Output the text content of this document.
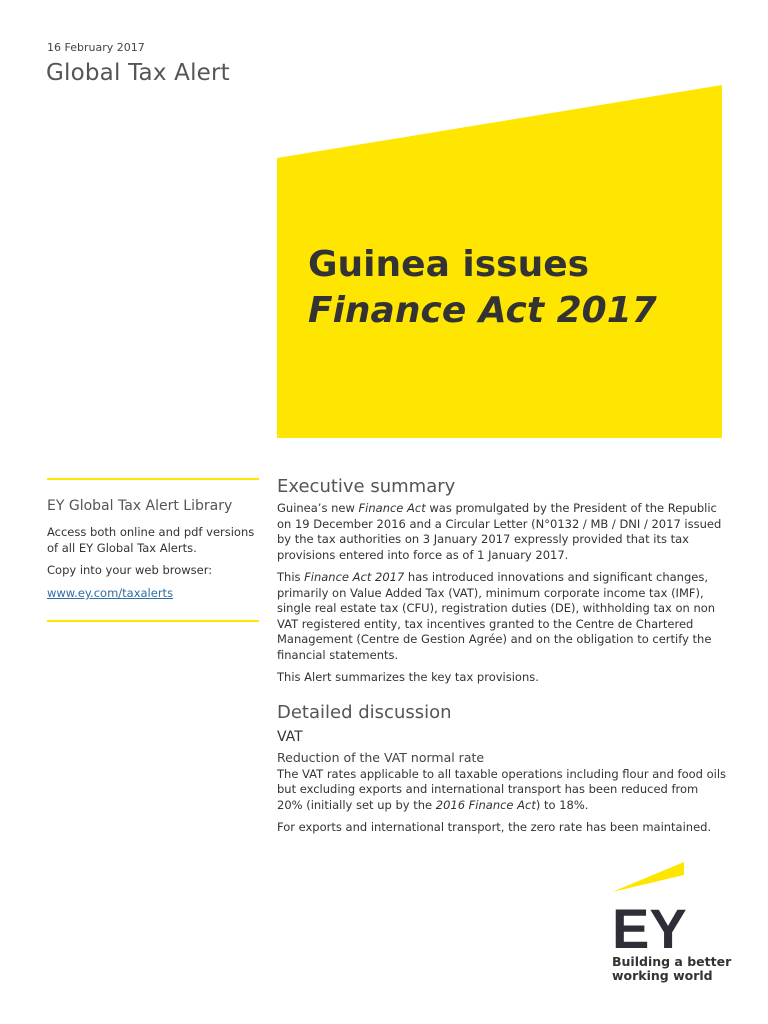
16 February 2017
Global Tax Alert
Guinea issues
Finance Act 2017
EY Global Tax Alert Library
Access both online and pdf versions of all EY Global Tax Alerts.
Copy into your web browser:
www.ey.com/taxalerts
Executive summary

Guinea’s new Finance Act was promulgated by the President of the Republic on 19 December 2016 and a Circular Letter (N°0132 / MB / DNI / 2017 issued by the tax authorities on 3 January 2017 expressly provided that its tax provisions entered into force as of 1 January 2017.

This Finance Act 2017 has introduced innovations and significant changes, primarily on Value Added Tax (VAT), minimum corporate income tax (IMF), single real estate tax (CFU), registration duties (DE), withholding tax on non VAT registered entity, tax incentives granted to the Centre de Chartered Management (Centre de Gestion Agrée) and on the obligation to certify the financial statements.

This Alert summarizes the key tax provisions.

Detailed discussion
VAT
Reduction of the VAT normal rate

The VAT rates applicable to all taxable operations including flour and food oils but excluding exports and international transport has been reduced from 20% (initially set up by the 2016 Finance Act) to 18%.

For exports and international transport, the zero rate has been maintained.

EY
Building a better
working world
